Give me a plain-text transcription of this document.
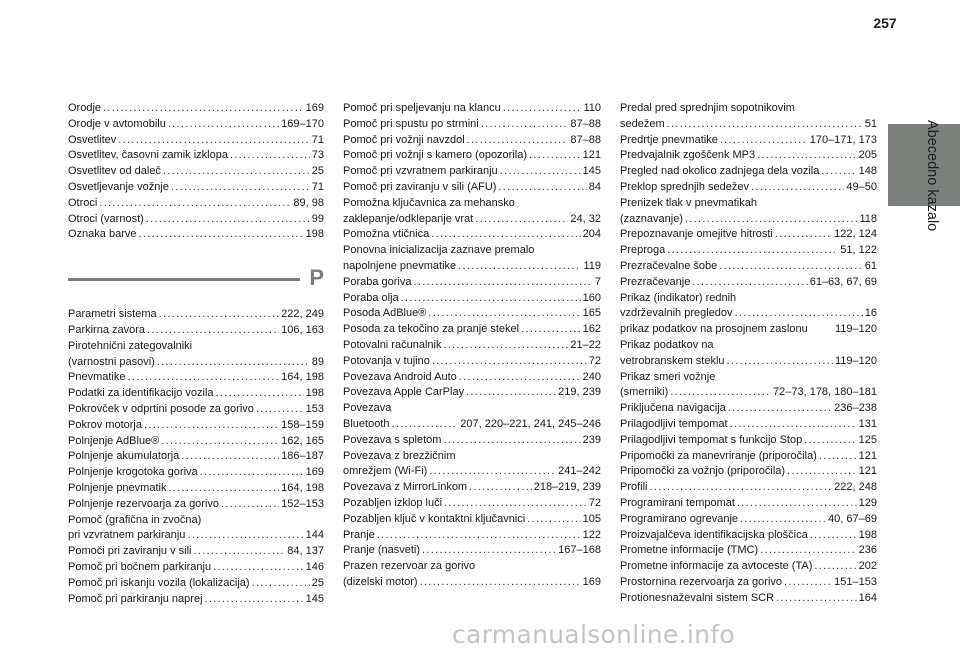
257
Abecedno kazalo
Orodje .....	169
Orodje v avtomobilu .....	169–170
Osvetlitev .....	71
Osvetlitev, časovni zamik izklopa .....	73
Osvetlitev od daleč .....	25
Osvetljevanje vožnje .....	71
Otroci .....	89, 98
Otroci (varnost) .....	99
Oznaka barve .....	198
P
Parametri sistema .....	222, 249
Parkirna zavora .....	106, 163
Pirotehnični zategovalniki
(varnostni pasovi) .....	89
Pnevmatike .....	164, 198
Podatki za identifikacijo vozila .....	198
Pokrovček v odprtini posode za gorivo .....	153
Pokrov motorja .....	158–159
Polnjenje AdBlue® .....	162, 165
Polnjenje akumulatorja .....	186–187
Polnjenje krogotoka goriva .....	169
Polnjenje pnevmatik .....	164, 198
Polnjenje rezervoarja za gorivo .....	152–153
Pomoč (grafična in zvočna)
pri vzvratnem parkiranju .....	144
Pomoči pri zaviranju v sili .....	84, 137
Pomoč pri bočnem parkiranju .....	146
Pomoč pri iskanju vozila (lokalizacija) .....	25
Pomoč pri parkiranju naprej .....	145
Pomoč pri speljevanju na klancu .....	110
Pomoč pri spustu po strmini .....	87–88
Pomoč pri vožnji navzdol .....	87–88
Pomoč pri vožnji s kamero (opozorila) .....	121
Pomoč pri vzvratnem parkiranju .....	145
Pomoč pri zaviranju v sili (AFU) .....	84
Pomožna ključavnica za mehansko
zaklepanje/odklepanje vrat .....	24, 32
Pomožna vtičnica .....	204
Ponovna inicializacija zaznave premalo
napolnjene pnevmatike .....	119
Poraba goriva .....	7
Poraba olja .....	160
Posoda AdBlue® .....	165
Posoda za tekočino za pranje stekel .....	162
Potovalni računalnik .....	21–22
Potovanja v tujino .....	72
Povezava Android Auto .....	240
Povezava Apple CarPlay .....	219, 239
Povezava
Bluetooth .....	207, 220–221, 241, 245–246
Povezava s spletom .....	239
Povezava z brezžičnim
omrežjem (Wi-Fi) .....	241–242
Povezava z MirrorLinkom .....	218–219, 239
Pozabljen izklop luči .....	72
Pozabljen ključ v kontaktni ključavnici .....	105
Pranje .....	122
Pranje (nasveti) .....	167–168
Prazen rezervoar za gorivo
(dizelski motor) .....	169
Predal pred sprednjim sopotnikovim
sedežem .....	51
Predrtje pnevmatike .....	170–171, 173
Predvajalnik zgoščenk MP3 .....	205
Pregled nad okolico zadnjega dela vozila .....	148
Preklop sprednjih sedežev .....	49–50
Prenizek tlak v pnevmatikah
(zaznavanje) .....	118
Prepoznavanje omejitve hitrosti .....	122, 124
Preproga .....	51, 122
Prezračevalne šobe .....	61
Prezračevanje .....	61–63, 67, 69
Prikaz (indikator) rednih
vzdrževalnih pregledov .....	16
prikaz podatkov na prosojnem zaslonu 119–120
Prikaz podatkov na
vetrobranskem steklu .....	119–120
Prikaz smeri vožnje
(smerniki) .....	72–73, 178, 180–181
Priključena navigacija .....	236–238
Prilagodljivi tempomat .....	131
Prilagodljivi tempomat s funkcijo Stop .....	125
Pripomočki za manevriranje (priporočila) .....	121
Pripomočki za vožnjo (priporočila) .....	121
Profili .....	222, 248
Programirani tempomat .....	129
Programirano ogrevanje .....	40, 67–69
Proizvajalčeva identifikacijska ploščica .....	198
Prometne informacije (TMC) .....	236
Prometne informacije za avtoceste (TA) .....	202
Prostornina rezervoarja za gorivo .....	151–153
Protionesnaževalni sistem SCR .....	164
carmanualsonline.info
